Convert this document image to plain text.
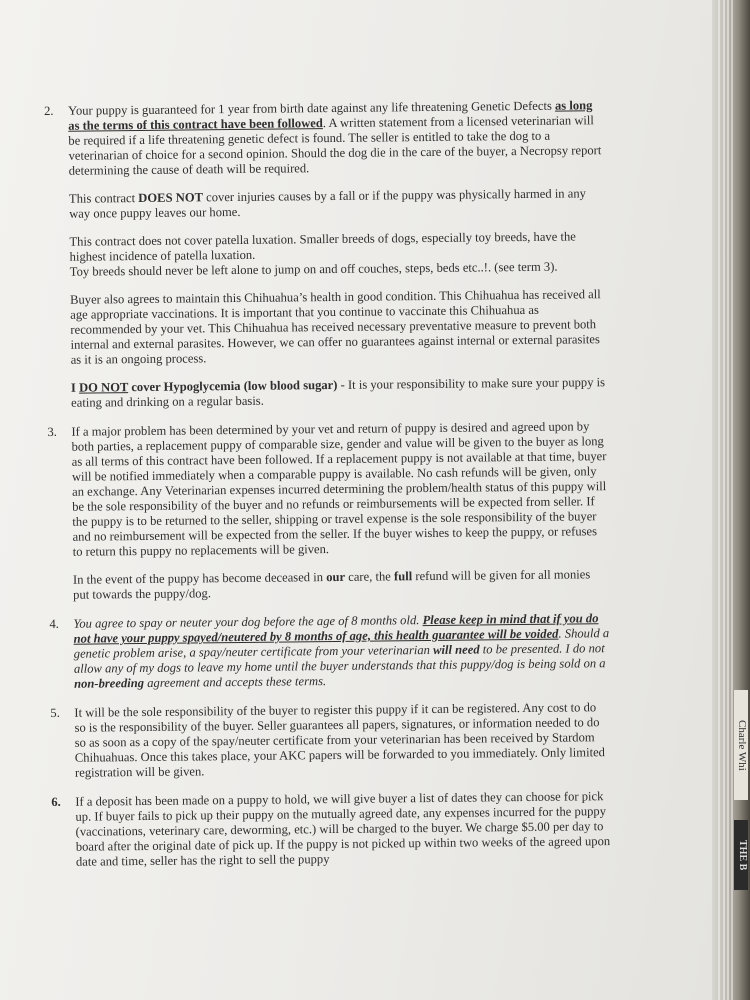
2.	Your puppy is guaranteed for 1 year from birth date against any life threatening Genetic Defects as long as the terms of this contract have been followed. A written statement from a licensed veterinarian will be required if a life threatening genetic defect is found. The seller is entitled to take the dog to a veterinarian of choice for a second opinion. Should the dog die in the care of the buyer, a Necropsy report determining the cause of death will be required.

This contract DOES NOT cover injuries causes by a fall or if the puppy was physically harmed in any way once puppy leaves our home.

This contract does not cover patella luxation. Smaller breeds of dogs, especially toy breeds, have the highest incidence of patella luxation.
Toy breeds should never be left alone to jump on and off couches, steps, beds etc..!. (see term 3).

Buyer also agrees to maintain this Chihuahua’s health in good condition. This Chihuahua has received all age appropriate vaccinations. It is important that you continue to vaccinate this Chihuahua as recommended by your vet. This Chihuahua has received necessary preventative measure to prevent both internal and external parasites. However, we can offer no guarantees against internal or external parasites as it is an ongoing process.

I DO NOT cover Hypoglycemia (low blood sugar) - It is your responsibility to make sure your puppy is eating and drinking on a regular basis.

3.	If a major problem has been determined by your vet and return of puppy is desired and agreed upon by both parties, a replacement puppy of comparable size, gender and value will be given to the buyer as long as all terms of this contract have been followed. If a replacement puppy is not available at that time, buyer will be notified immediately when a comparable puppy is available. No cash refunds will be given, only an exchange. Any Veterinarian expenses incurred determining the problem/health status of this puppy will be the sole responsibility of the buyer and no refunds or reimbursements will be expected from seller. If the puppy is to be returned to the seller, shipping or travel expense is the sole responsibility of the buyer and no reimbursement will be expected from the seller. If the buyer wishes to keep the puppy, or refuses to return this puppy no replacements will be given.

In the event of the puppy has become deceased in our care, the full refund will be given for all monies put towards the puppy/dog.

4.	You agree to spay or neuter your dog before the age of 8 months old. Please keep in mind that if you do not have your puppy spayed/neutered by 8 months of age, this health guarantee will be voided. Should a genetic problem arise, a spay/neuter certificate from your veterinarian will need to be presented. I do not allow any of my dogs to leave my home until the buyer understands that this puppy/dog is being sold on a non-breeding agreement and accepts these terms.

5.	It will be the sole responsibility of the buyer to register this puppy if it can be registered. Any cost to do so is the responsibility of the buyer. Seller guarantees all papers, signatures, or information needed to do so as soon as a copy of the spay/neuter certificate from your veterinarian has been received by Stardom Chihuahuas. Once this takes place, your AKC papers will be forwarded to you immediately. Only limited registration will be given.

6.	If a deposit has been made on a puppy to hold, we will give buyer a list of dates they can choose for pick up. If buyer fails to pick up their puppy on the mutually agreed date, any expenses incurred for the puppy (vaccinations, veterinary care, deworming, etc.) will be charged to the buyer. We charge $5.00 per day to board after the original date of pick up. If the puppy is not picked up within two weeks of the agreed upon date and time, seller has the right to sell the puppy

Charle Whi
THE B
